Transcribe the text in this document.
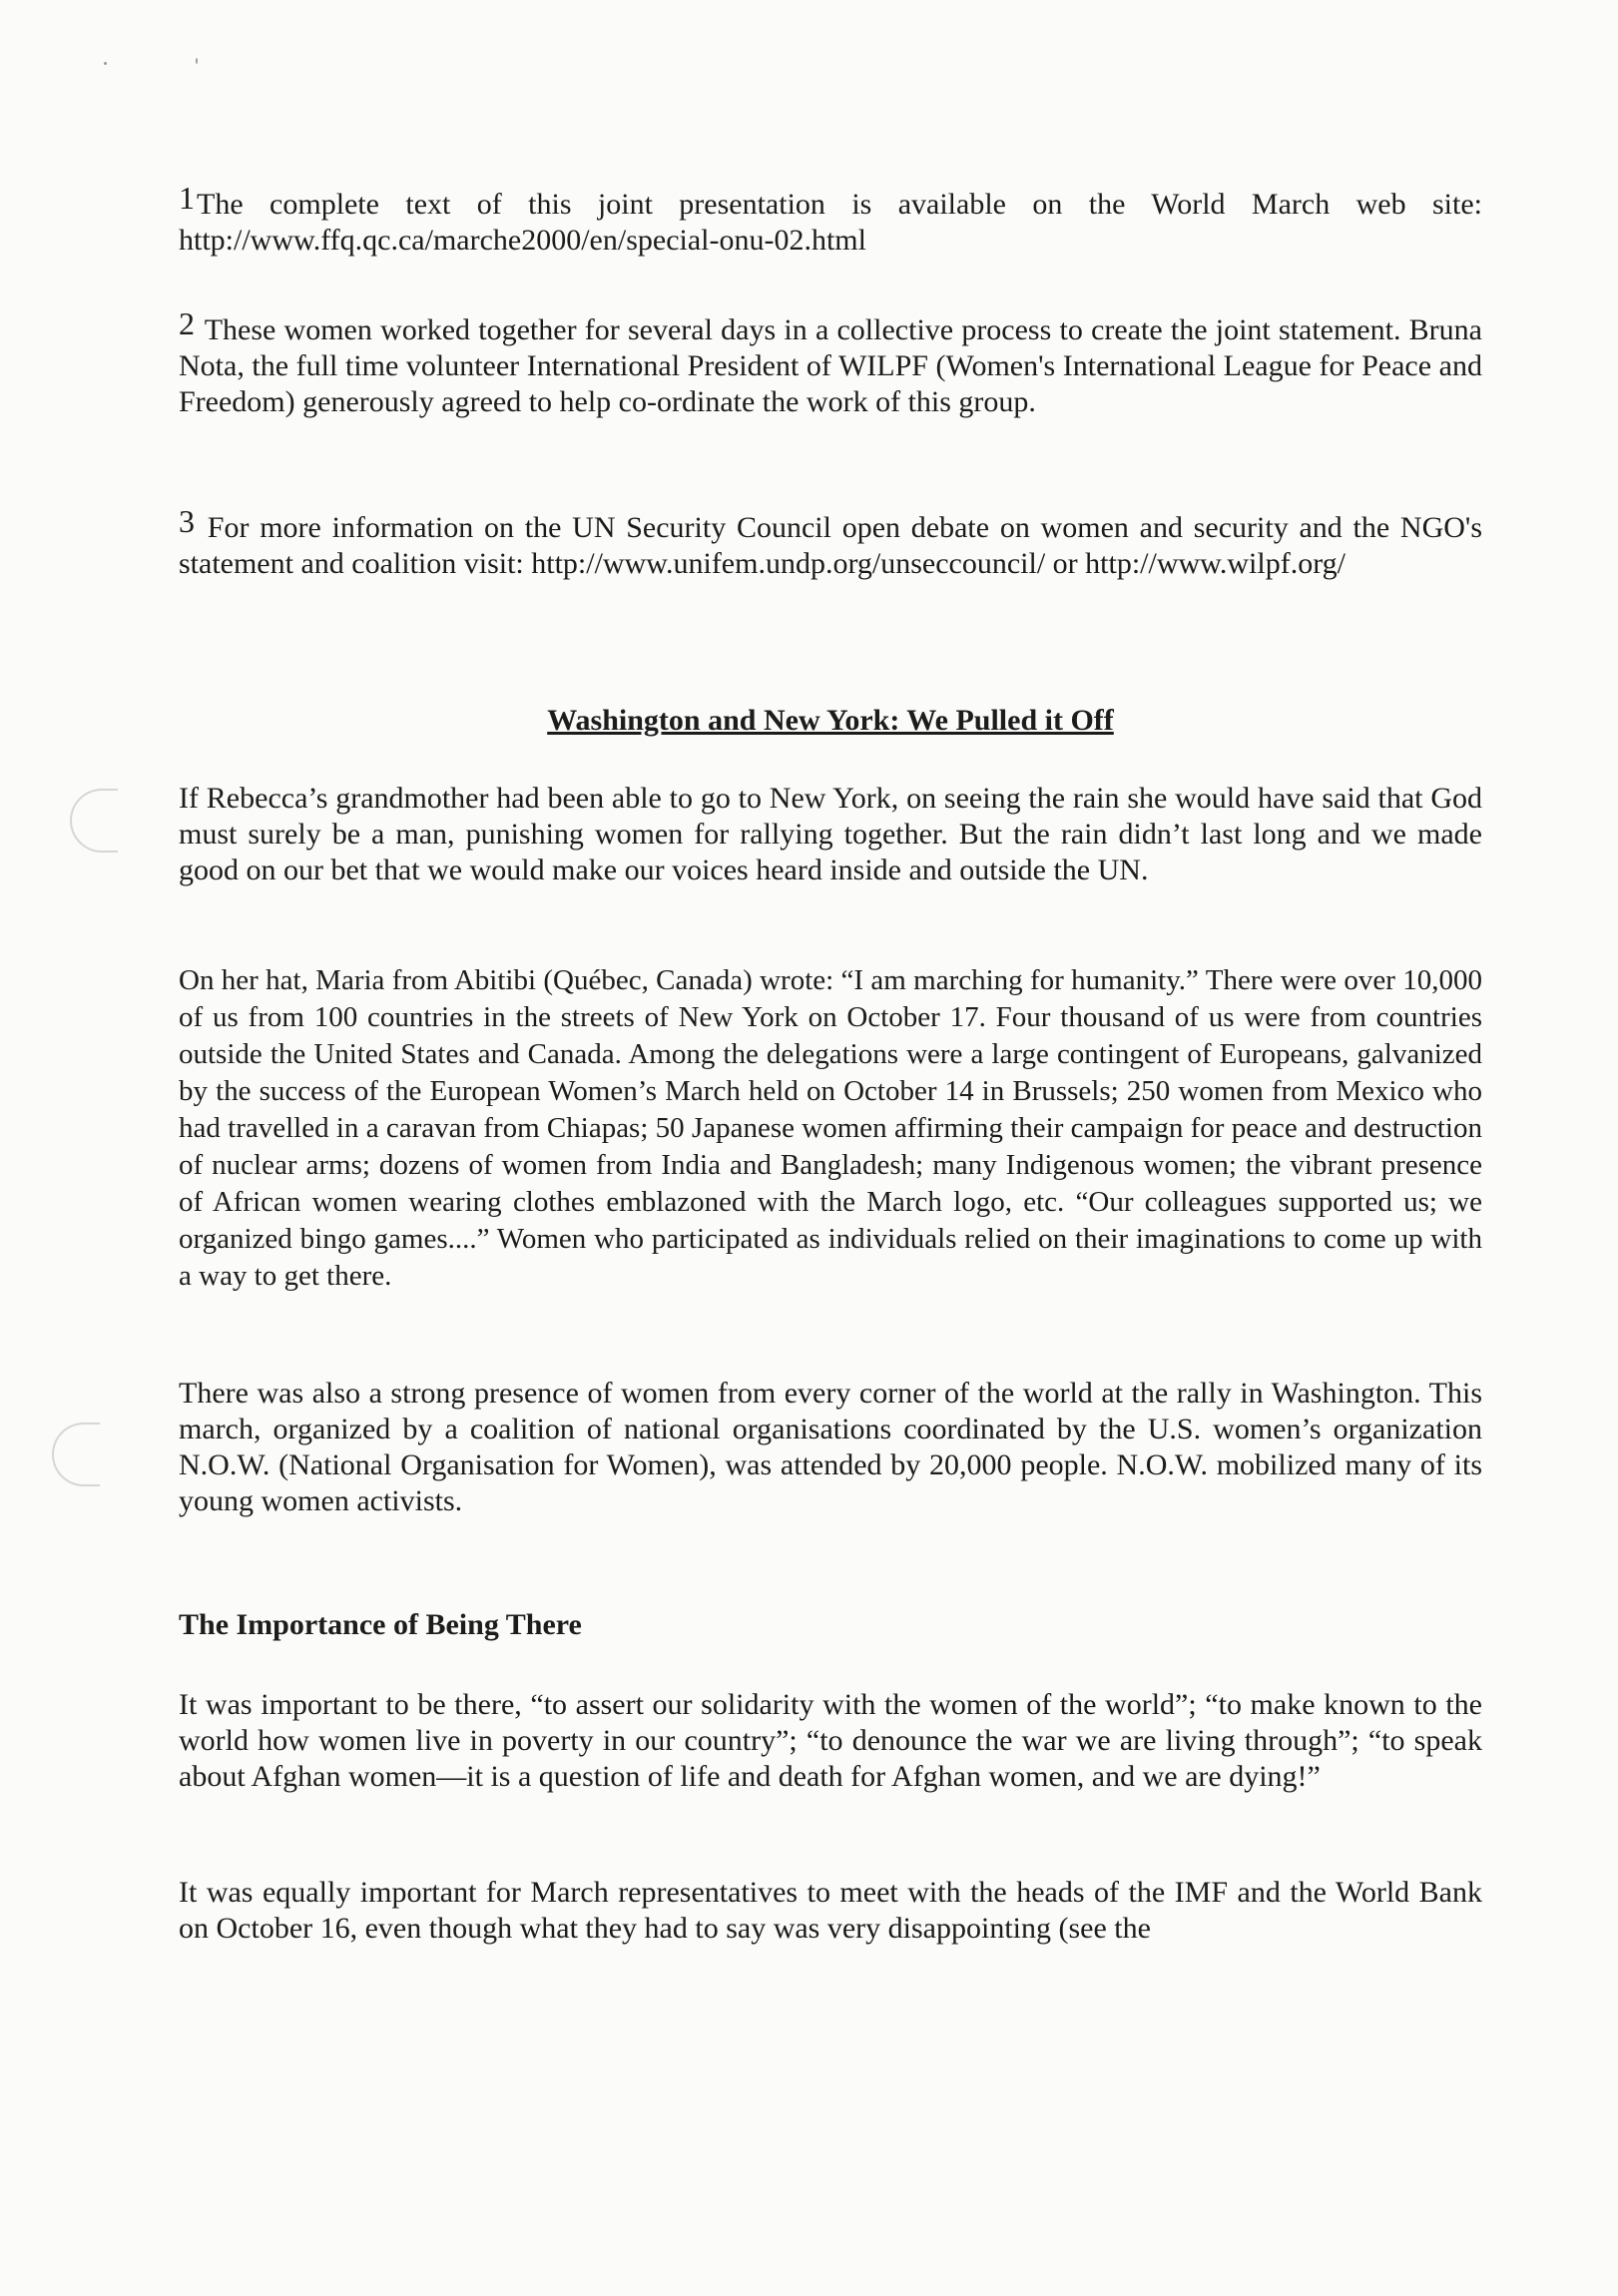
1The complete text of this joint presentation is available on the World March web site: http://www.ffq.qc.ca/marche2000/en/special-onu-02.html

2 These women worked together for several days in a collective process to create the joint statement. Bruna Nota, the full time volunteer International President of WILPF (Women's International League for Peace and Freedom) generously agreed to help co-ordinate the work of this group.

3 For more information on the UN Security Council open debate on women and security and the NGO's statement and coalition visit: http://www.unifem.undp.org/unseccouncil/ or http://www.wilpf.org/

Washington and New York: We Pulled it Off

If Rebecca’s grandmother had been able to go to New York, on seeing the rain she would have said that God must surely be a man, punishing women for rallying together. But the rain didn’t last long and we made good on our bet that we would make our voices heard inside and outside the UN.

On her hat, Maria from Abitibi (Québec, Canada) wrote: “I am marching for humanity.” There were over 10,000 of us from 100 countries in the streets of New York on October 17. Four thousand of us were from countries outside the United States and Canada. Among the delegations were a large contingent of Europeans, galvanized by the success of the European Women’s March held on October 14 in Brussels; 250 women from Mexico who had travelled in a caravan from Chiapas; 50 Japanese women affirming their campaign for peace and destruction of nuclear arms; dozens of women from India and Bangladesh; many Indigenous women; the vibrant presence of African women wearing clothes emblazoned with the March logo, etc. “Our colleagues supported us; we organized bingo games....” Women who participated as individuals relied on their imaginations to come up with a way to get there.

There was also a strong presence of women from every corner of the world at the rally in Washington. This march, organized by a coalition of national organisations coordinated by the U.S. women’s organization N.O.W. (National Organisation for Women), was attended by 20,000 people. N.O.W. mobilized many of its young women activists.

The Importance of Being There

It was important to be there, “to assert our solidarity with the women of the world”; “to make known to the world how women live in poverty in our country”; “to denounce the war we are living through”; “to speak about Afghan women—it is a question of life and death for Afghan women, and we are dying!”

It was equally important for March representatives to meet with the heads of the IMF and the World Bank on October 16, even though what they had to say was very disappointing (see the
